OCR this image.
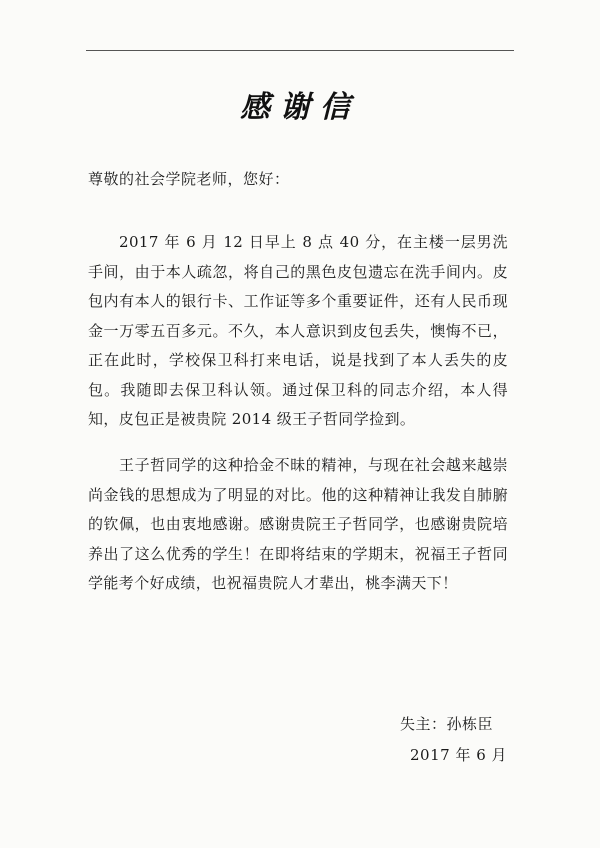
感谢信
尊敬的社会学院老师，您好：

2017 年 6 月 12 日早上 8 点 40 分，在主楼一层男洗手间，由于本人疏忽，将自己的黑色皮包遗忘在洗手间内。皮包内有本人的银行卡、工作证等多个重要证件，还有人民币现金一万零五百多元。不久，本人意识到皮包丢失，懊悔不已，正在此时，学校保卫科打来电话，说是找到了本人丢失的皮包。我随即去保卫科认领。通过保卫科的同志介绍，本人得知，皮包正是被贵院 2014 级王子哲同学捡到。

王子哲同学的这种拾金不昧的精神，与现在社会越来越崇尚金钱的思想成为了明显的对比。他的这种精神让我发自肺腑的钦佩，也由衷地感谢。感谢贵院王子哲同学，也感谢贵院培养出了这么优秀的学生！在即将结束的学期末，祝福王子哲同学能考个好成绩，也祝福贵院人才辈出，桃李满天下！

失主：孙栋臣
2017 年 6 月
